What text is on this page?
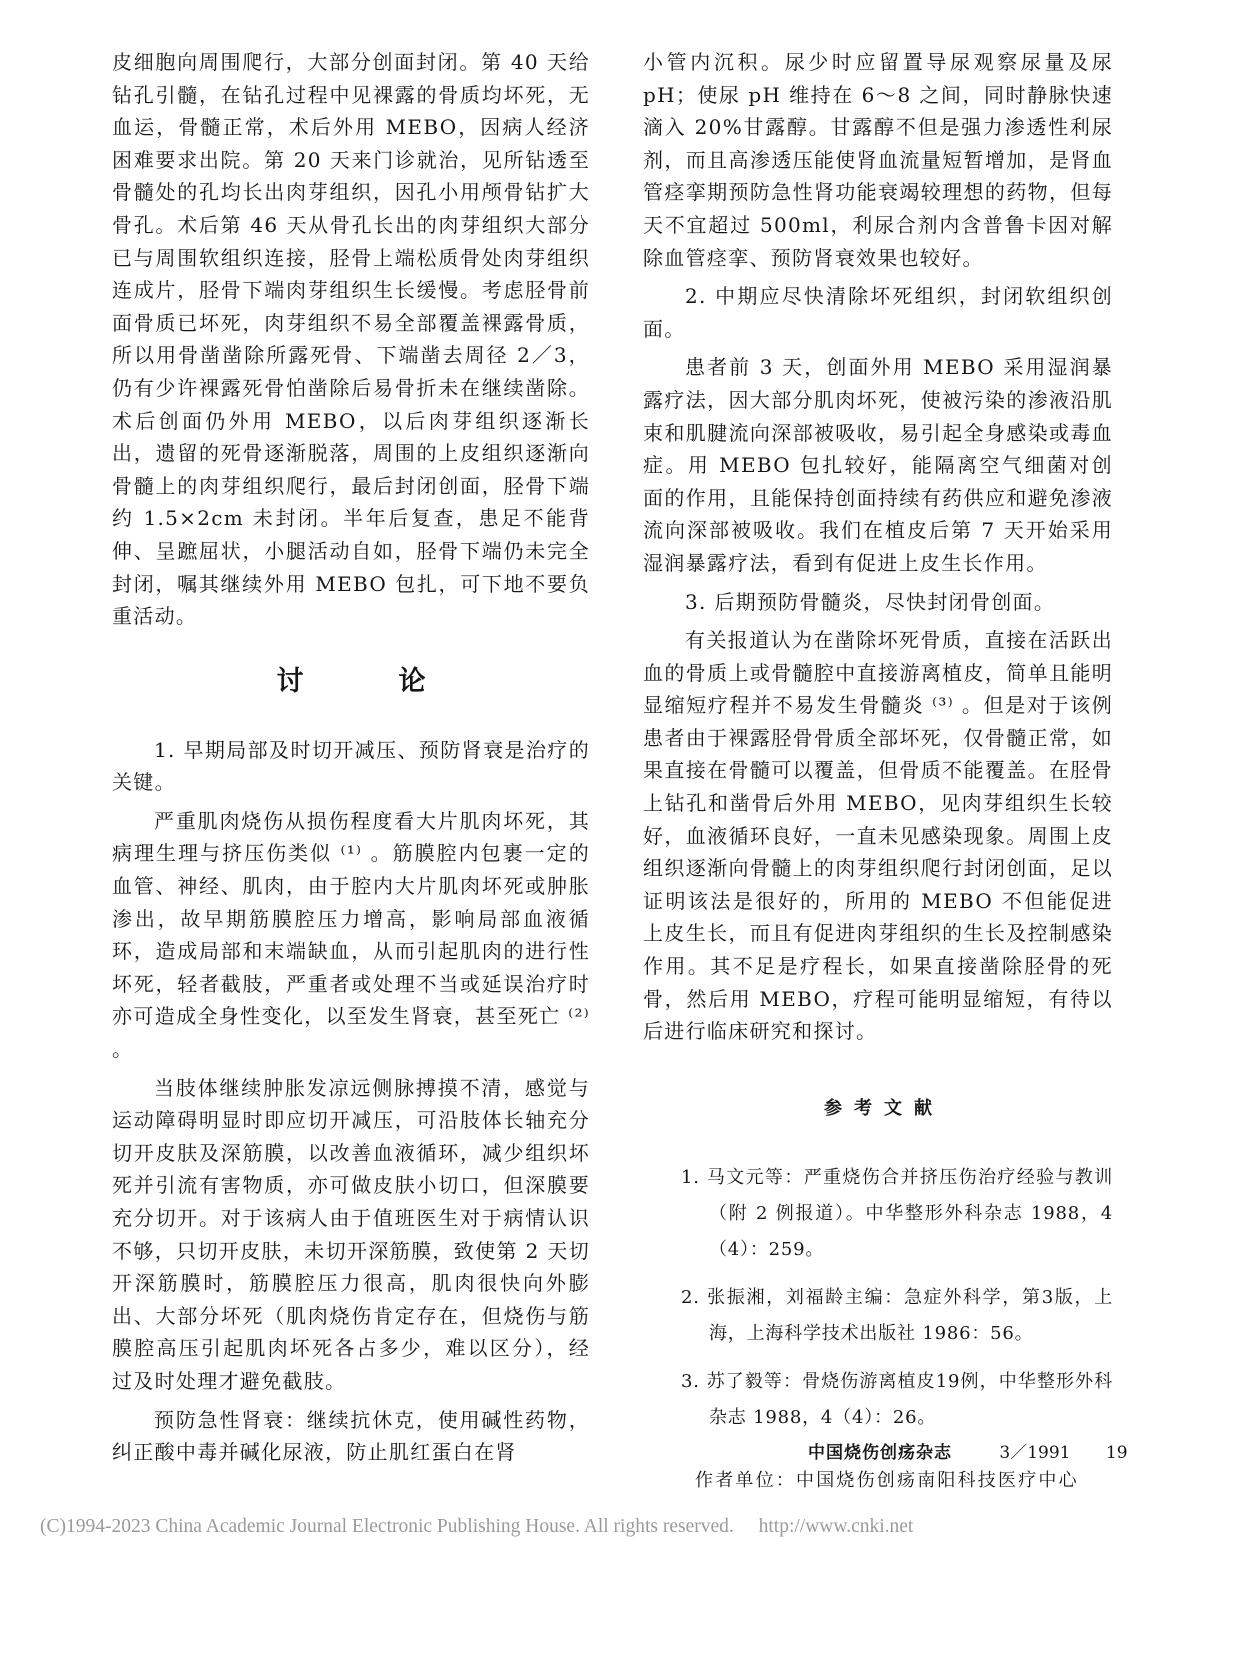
皮细胞向周围爬行，大部分创面封闭。第 40 天给钻孔引髓，在钻孔过程中见裸露的骨质均坏死，无血运，骨髓正常，术后外用 MEBO，因病人经济困难要求出院。第 20 天来门诊就治，见所钻透至骨髓处的孔均长出肉芽组织，因孔小用颅骨钻扩大骨孔。术后第 46 天从骨孔长出的肉芽组织大部分已与周围软组织连接，胫骨上端松质骨处肉芽组织连成片，胫骨下端肉芽组织生长缓慢。考虑胫骨前面骨质已坏死，肉芽组织不易全部覆盖裸露骨质，所以用骨凿凿除所露死骨、下端凿去周径 2／3，仍有少许裸露死骨怕凿除后易骨折未在继续凿除。术后创面仍外用 MEBO，以后肉芽组织逐渐长出，遗留的死骨逐渐脱落，周围的上皮组织逐渐向骨髓上的肉芽组织爬行，最后封闭创面，胫骨下端约 1.5×2cm 未封闭。半年后复查，患足不能背伸、呈蹠屈状，小腿活动自如，胫骨下端仍未完全封闭，嘱其继续外用 MEBO 包扎，可下地不要负重活动。

讨　论

1. 早期局部及时切开减压、预防肾衰是治疗的关键。

严重肌肉烧伤从损伤程度看大片肌肉坏死，其病理生理与挤压伤类似 ⁽¹⁾ 。筋膜腔内包裹一定的血管、神经、肌肉，由于腔内大片肌肉坏死或肿胀渗出，故早期筋膜腔压力增高，影响局部血液循环，造成局部和末端缺血，从而引起肌肉的进行性坏死，轻者截肢，严重者或处理不当或延误治疗时亦可造成全身性变化，以至发生肾衰，甚至死亡 ⁽²⁾ 。

当肢体继续肿胀发凉远侧脉搏摸不清，感觉与运动障碍明显时即应切开减压，可沿肢体长轴充分切开皮肤及深筋膜，以改善血液循环，减少组织坏死并引流有害物质，亦可做皮肤小切口，但深膜要充分切开。对于该病人由于值班医生对于病情认识不够，只切开皮肤，未切开深筋膜，致使第 2 天切开深筋膜时，筋膜腔压力很高，肌肉很快向外膨出、大部分坏死（肌肉烧伤肯定存在，但烧伤与筋膜腔高压引起肌肉坏死各占多少，难以区分），经过及时处理才避免截肢。

预防急性肾衰：继续抗休克，使用碱性药物，纠正酸中毒并碱化尿液，防止肌红蛋白在肾

小管内沉积。尿少时应留置导尿观察尿量及尿 pH；使尿 pH 维持在 6～8 之间，同时静脉快速滴入 20%甘露醇。甘露醇不但是强力渗透性利尿剂，而且高渗透压能使肾血流量短暂增加，是肾血管痉挛期预防急性肾功能衰竭较理想的药物，但每天不宜超过 500ml，利尿合剂内含普鲁卡因对解除血管痉挛、预防肾衰效果也较好。

2. 中期应尽快清除坏死组织，封闭软组织创面。

患者前 3 天，创面外用 MEBO 采用湿润暴露疗法，因大部分肌肉坏死，使被污染的渗液沿肌束和肌腱流向深部被吸收，易引起全身感染或毒血症。用 MEBO 包扎较好，能隔离空气细菌对创面的作用，且能保持创面持续有药供应和避免渗液流向深部被吸收。我们在植皮后第 7 天开始采用湿润暴露疗法，看到有促进上皮生长作用。

3. 后期预防骨髓炎，尽快封闭骨创面。

有关报道认为在凿除坏死骨质，直接在活跃出血的骨质上或骨髓腔中直接游离植皮，简单且能明显缩短疗程并不易发生骨髓炎 ⁽³⁾ 。但是对于该例患者由于裸露胫骨骨质全部坏死，仅骨髓正常，如果直接在骨髓可以覆盖，但骨质不能覆盖。在胫骨上钻孔和凿骨后外用 MEBO，见肉芽组织生长较好，血液循环良好，一直未见感染现象。周围上皮组织逐渐向骨髓上的肉芽组织爬行封闭创面，足以证明该法是很好的，所用的 MEBO 不但能促进上皮生长，而且有促进肉芽组织的生长及控制感染作用。其不足是疗程长，如果直接凿除胫骨的死骨，然后用 MEBO，疗程可能明显缩短，有待以后进行临床研究和探讨。

参考文献

1. 马文元等：严重烧伤合并挤压伤治疗经验与教训（附 2 例报道）。中华整形外科杂志 1988，4（4）：259。

2. 张振湘，刘福龄主编：急症外科学，第3版，上海，上海科学技术出版社 1986：56。

3. 苏了毅等：骨烧伤游离植皮19例，中华整形外科杂志 1988，4（4）：26。

作者单位：中国烧伤创疡南阳科技医疗中心
中国烧伤创疡杂志	3／1991 19
(C)1994-2023 China Academic Journal Electronic Publishing House. All rights reserved. http://www.cnki.net
